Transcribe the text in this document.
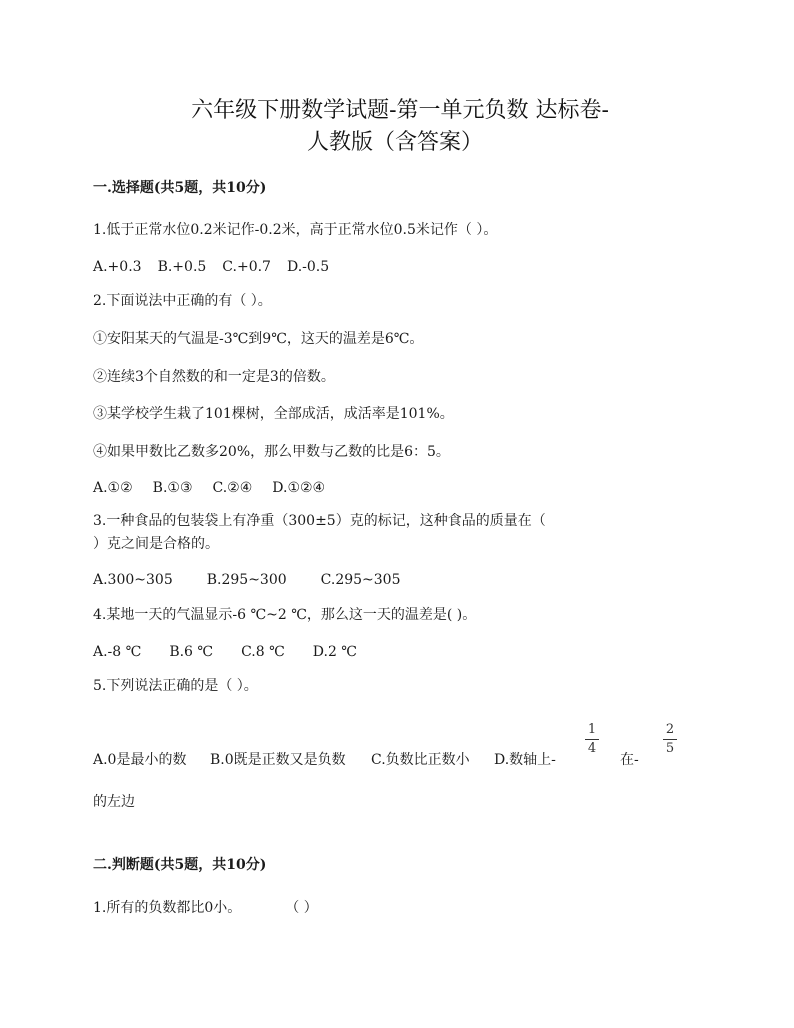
六年级下册数学试题-第一单元负数 达标卷-
人教版（含答案）
一.选择题(共5题，共10分)
1.低于正常水位0.2米记作-0.2米，高于正常水位0.5米记作（ ）。
A.+0.3 B.+0.5 C.+0.7 D.-0.5
2.下面说法中正确的有（ ）。
①安阳某天的气温是-3℃到9℃，这天的温差是6℃。
②连续3个自然数的和一定是3的倍数。
③某学校学生栽了101棵树，全部成活，成活率是101%。
④如果甲数比乙数多20%，那么甲数与乙数的比是6：5。
A.①② B.①③ C.②④ D.①②④
3.一种食品的包装袋上有净重（300±5）克的标记，这种食品的质量在（
）克之间是合格的。
A.300~305 B.295~300 C.295~305
4.某地一天的气温显示-6 ℃~2 ℃，那么这一天的温差是( )。
A.-8 ℃ B.6 ℃ C.8 ℃ D.2 ℃
5.下列说法正确的是（ ）。
1
4
2
5
A.0是最小的数 B.0既是正数又是负数 C.负数比正数小 D.数轴上-	在-
的左边
二.判断题(共5题，共10分)
1.所有的负数都比0小。	（ ）
